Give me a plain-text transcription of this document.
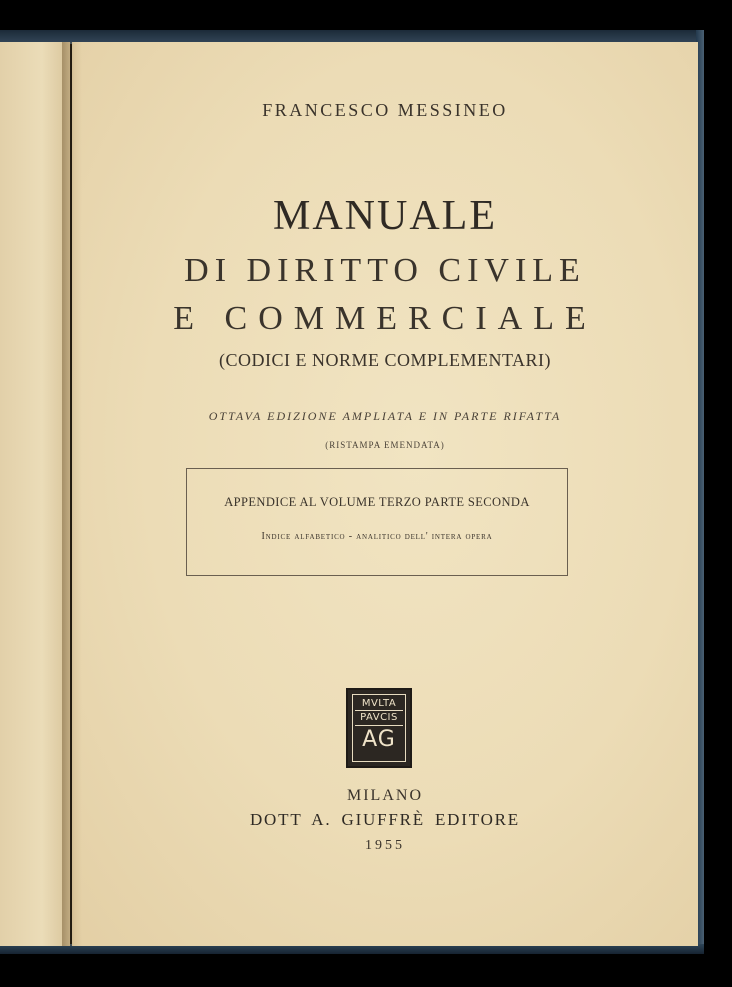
FRANCESCO MESSINEO
MANUALE
DI DIRITTO CIVILE
E COMMERCIALE
(CODICI E NORME COMPLEMENTARI)
OTTAVA EDIZIONE AMPLIATA E IN PARTE RIFATTA
(RISTAMPA EMENDATA)
APPENDICE AL VOLUME TERZO PARTE SECONDA
Indice alfabetico - analitico dell' intera opera
MVLTA
PAVCIS
AG
MILANO
DOTT A. GIUFFRÈ EDITORE
1955
